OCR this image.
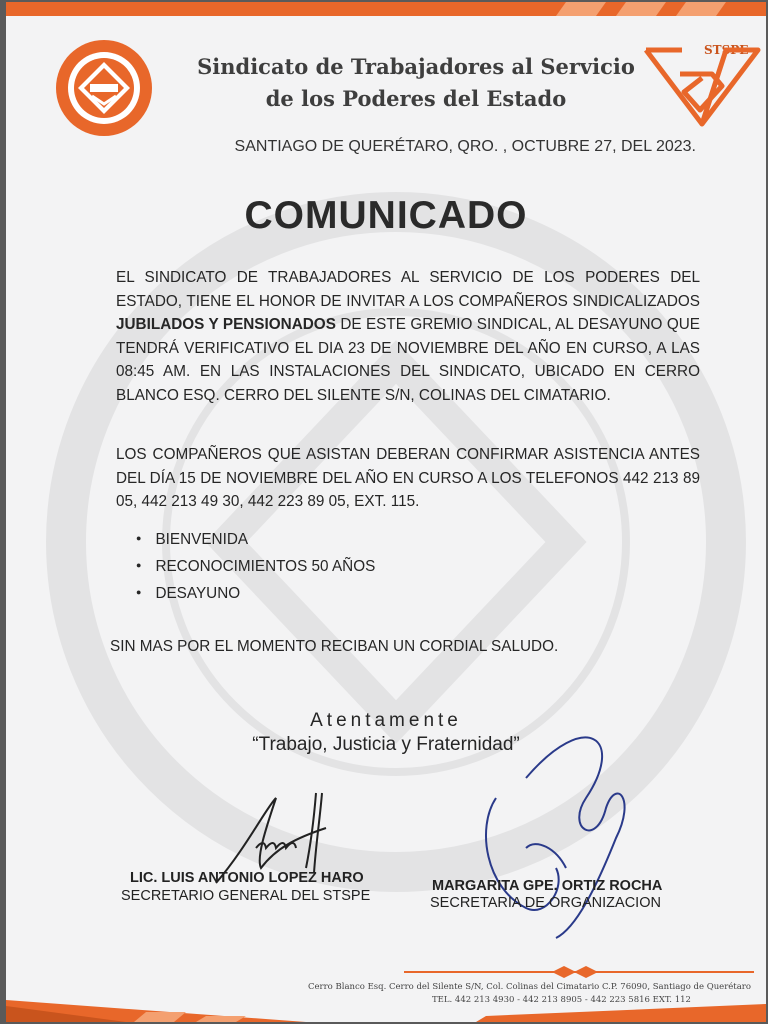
STSPE
Sindicato de Trabajadores al Servicio
de los Poderes del Estado
SANTIAGO DE QUERÉTARO, QRO. , OCTUBRE 27, DEL 2023.
COMUNICADO
EL SINDICATO DE TRABAJADORES AL SERVICIO DE LOS PODERES DEL ESTADO, TIENE EL HONOR DE INVITAR A LOS COMPAÑEROS SINDICALIZADOS JUBILADOS Y PENSIONADOS DE ESTE GREMIO SINDICAL, AL DESAYUNO QUE TENDRÁ VERIFICATIVO EL DIA 23 DE NOVIEMBRE DEL AÑO EN CURSO, A LAS 08:45 AM. EN LAS INSTALACIONES DEL SINDICATO, UBICADO EN CERRO BLANCO ESQ. CERRO DEL SILENTE S/N, COLINAS DEL CIMATARIO.
LOS COMPAÑEROS QUE ASISTAN DEBERAN CONFIRMAR ASISTENCIA ANTES DEL DÍA 15 DE NOVIEMBRE DEL AÑO EN CURSO A LOS TELEFONOS 442 213 89 05, 442 213 49 30, 442 223 89 05, EXT. 115.
● BIENVENIDA
● RECONOCIMIENTOS 50 AÑOS
● DESAYUNO
SIN MAS POR EL MOMENTO RECIBAN UN CORDIAL SALUDO.
Atentamente
“Trabajo, Justicia y Fraternidad”
LIC. LUIS ANTONIO LOPEZ HARO
SECRETARIO GENERAL DEL STSPE
MARGARITA GPE. ORTIZ ROCHA
SECRETARIA DE ORGANIZACION
Cerro Blanco Esq. Cerro del Silente S/N, Col. Colinas del Cimatario C.P. 76090, Santiago de Querétaro
TEL. 442 213 4930 - 442 213 8905 - 442 223 5816 EXT. 112
